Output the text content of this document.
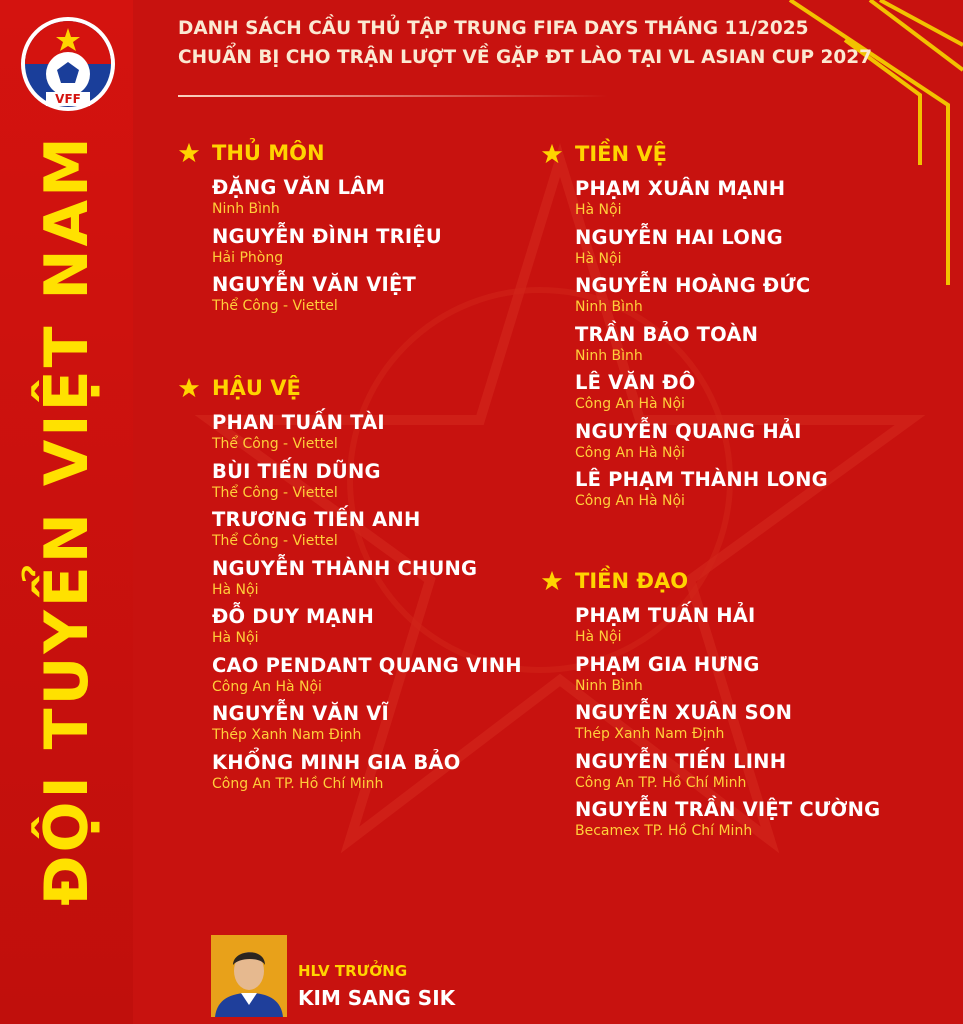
VFF
ĐỘI TUYỂN VIỆT NAM
DANH SÁCH CẦU THỦ TẬP TRUNG FIFA DAYS THÁNG 11/2025
CHUẨN BỊ CHO TRẬN LƯỢT VỀ GẶP ĐT LÀO TẠI VL ASIAN CUP 2027
THỦ MÔN
ĐẶNG VĂN LÂM
Ninh Bình
NGUYỄN ĐÌNH TRIỆU
Hải Phòng
NGUYỄN VĂN VIỆT
Thể Công - Viettel
HẬU VỆ
PHAN TUẤN TÀI
Thể Công - Viettel
BÙI TIẾN DŨNG
Thể Công - Viettel
TRƯƠNG TIẾN ANH
Thể Công - Viettel
NGUYỄN THÀNH CHUNG
Hà Nội
ĐỖ DUY MẠNH
Hà Nội
CAO PENDANT QUANG VINH
Công An Hà Nội
NGUYỄN VĂN VĨ
Thép Xanh Nam Định
KHỔNG MINH GIA BẢO
Công An TP. Hồ Chí Minh
TIỀN VỆ
PHẠM XUÂN MẠNH
Hà Nội
NGUYỄN HAI LONG
Hà Nội
NGUYỄN HOÀNG ĐỨC
Ninh Bình
TRẦN BẢO TOÀN
Ninh Bình
LÊ VĂN ĐÔ
Công An Hà Nội
NGUYỄN QUANG HẢI
Công An Hà Nội
LÊ PHẠM THÀNH LONG
Công An Hà Nội
TIỀN ĐẠO
PHẠM TUẤN HẢI
Hà Nội
PHẠM GIA HƯNG
Ninh Bình
NGUYỄN XUÂN SON
Thép Xanh Nam Định
NGUYỄN TIẾN LINH
Công An TP. Hồ Chí Minh
NGUYỄN TRẦN VIỆT CƯỜNG
Becamex TP. Hồ Chí Minh
HLV TRƯỞNG
KIM SANG SIK
